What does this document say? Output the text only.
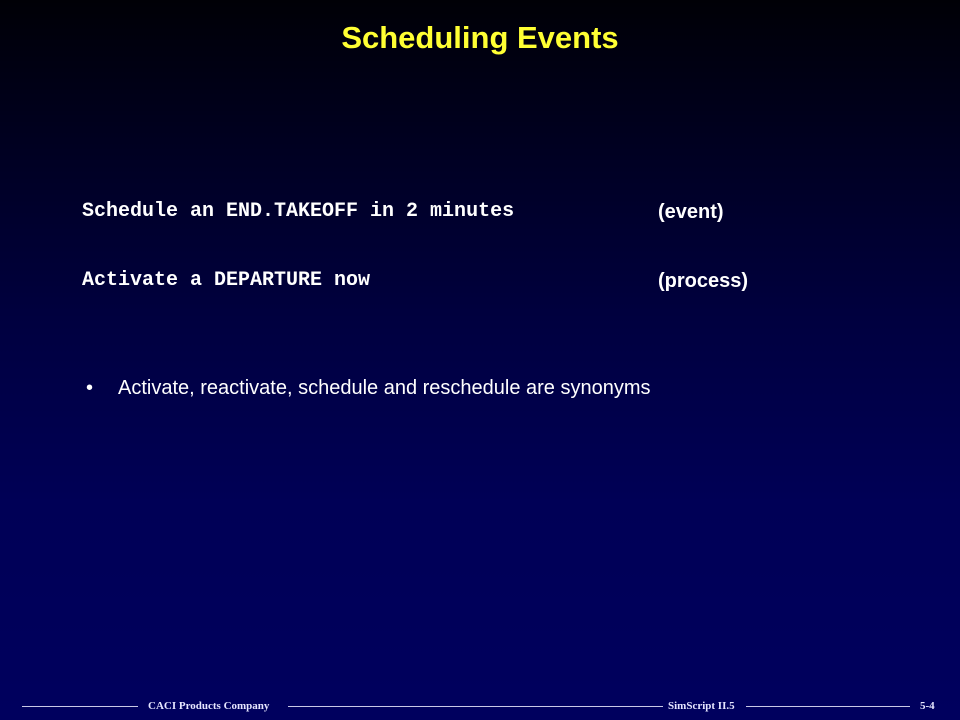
Scheduling Events
Schedule an END.TAKEOFF in 2 minutes	(event)
Activate a DEPARTURE now	(process)
• Activate, reactivate, schedule and reschedule are synonyms
CACI Products Company	SimScript II.5	5-4
